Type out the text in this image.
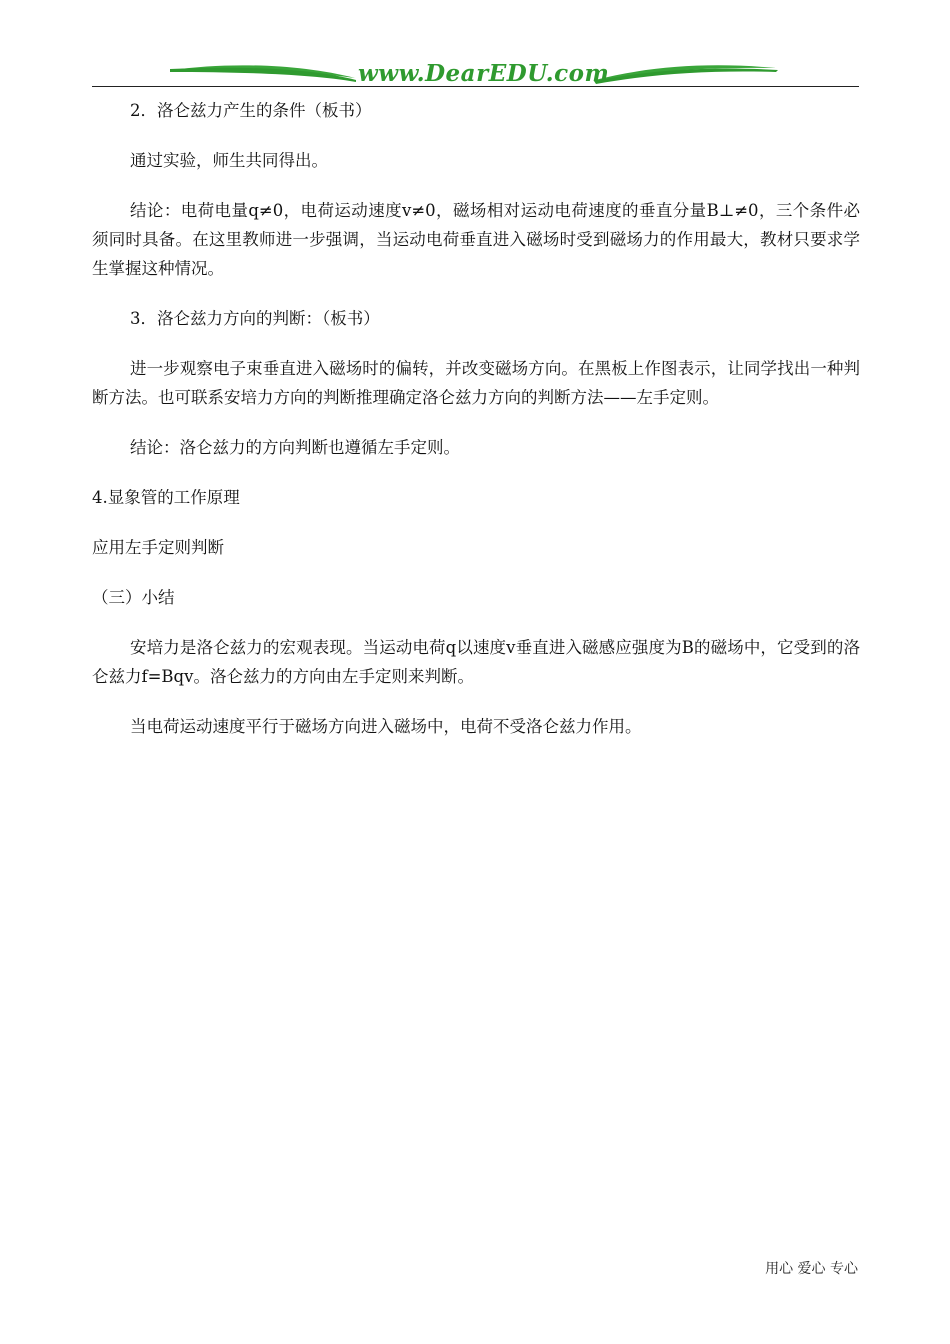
www.DearEDU.com

2．洛仑兹力产生的条件（板书）

通过实验，师生共同得出。

结论：电荷电量q≠0，电荷运动速度v≠0，磁场相对运动电荷速度的垂直分量B⊥≠0，三个条件必须同时具备。在这里教师进一步强调，当运动电荷垂直进入磁场时受到磁场力的作用最大，教材只要求学生掌握这种情况。

3．洛仑兹力方向的判断：（板书）

进一步观察电子束垂直进入磁场时的偏转，并改变磁场方向。在黑板上作图表示，让同学找出一种判断方法。也可联系安培力方向的判断推理确定洛仑兹力方向的判断方法——左手定则。

结论：洛仑兹力的方向判断也遵循左手定则。

4.显象管的工作原理

应用左手定则判断

（三）小结

安培力是洛仑兹力的宏观表现。当运动电荷q以速度v垂直进入磁感应强度为B的磁场中，它受到的洛仑兹力f=Bqv。洛仑兹力的方向由左手定则来判断。

当电荷运动速度平行于磁场方向进入磁场中，电荷不受洛仑兹力作用。

用心 爱心 专心
